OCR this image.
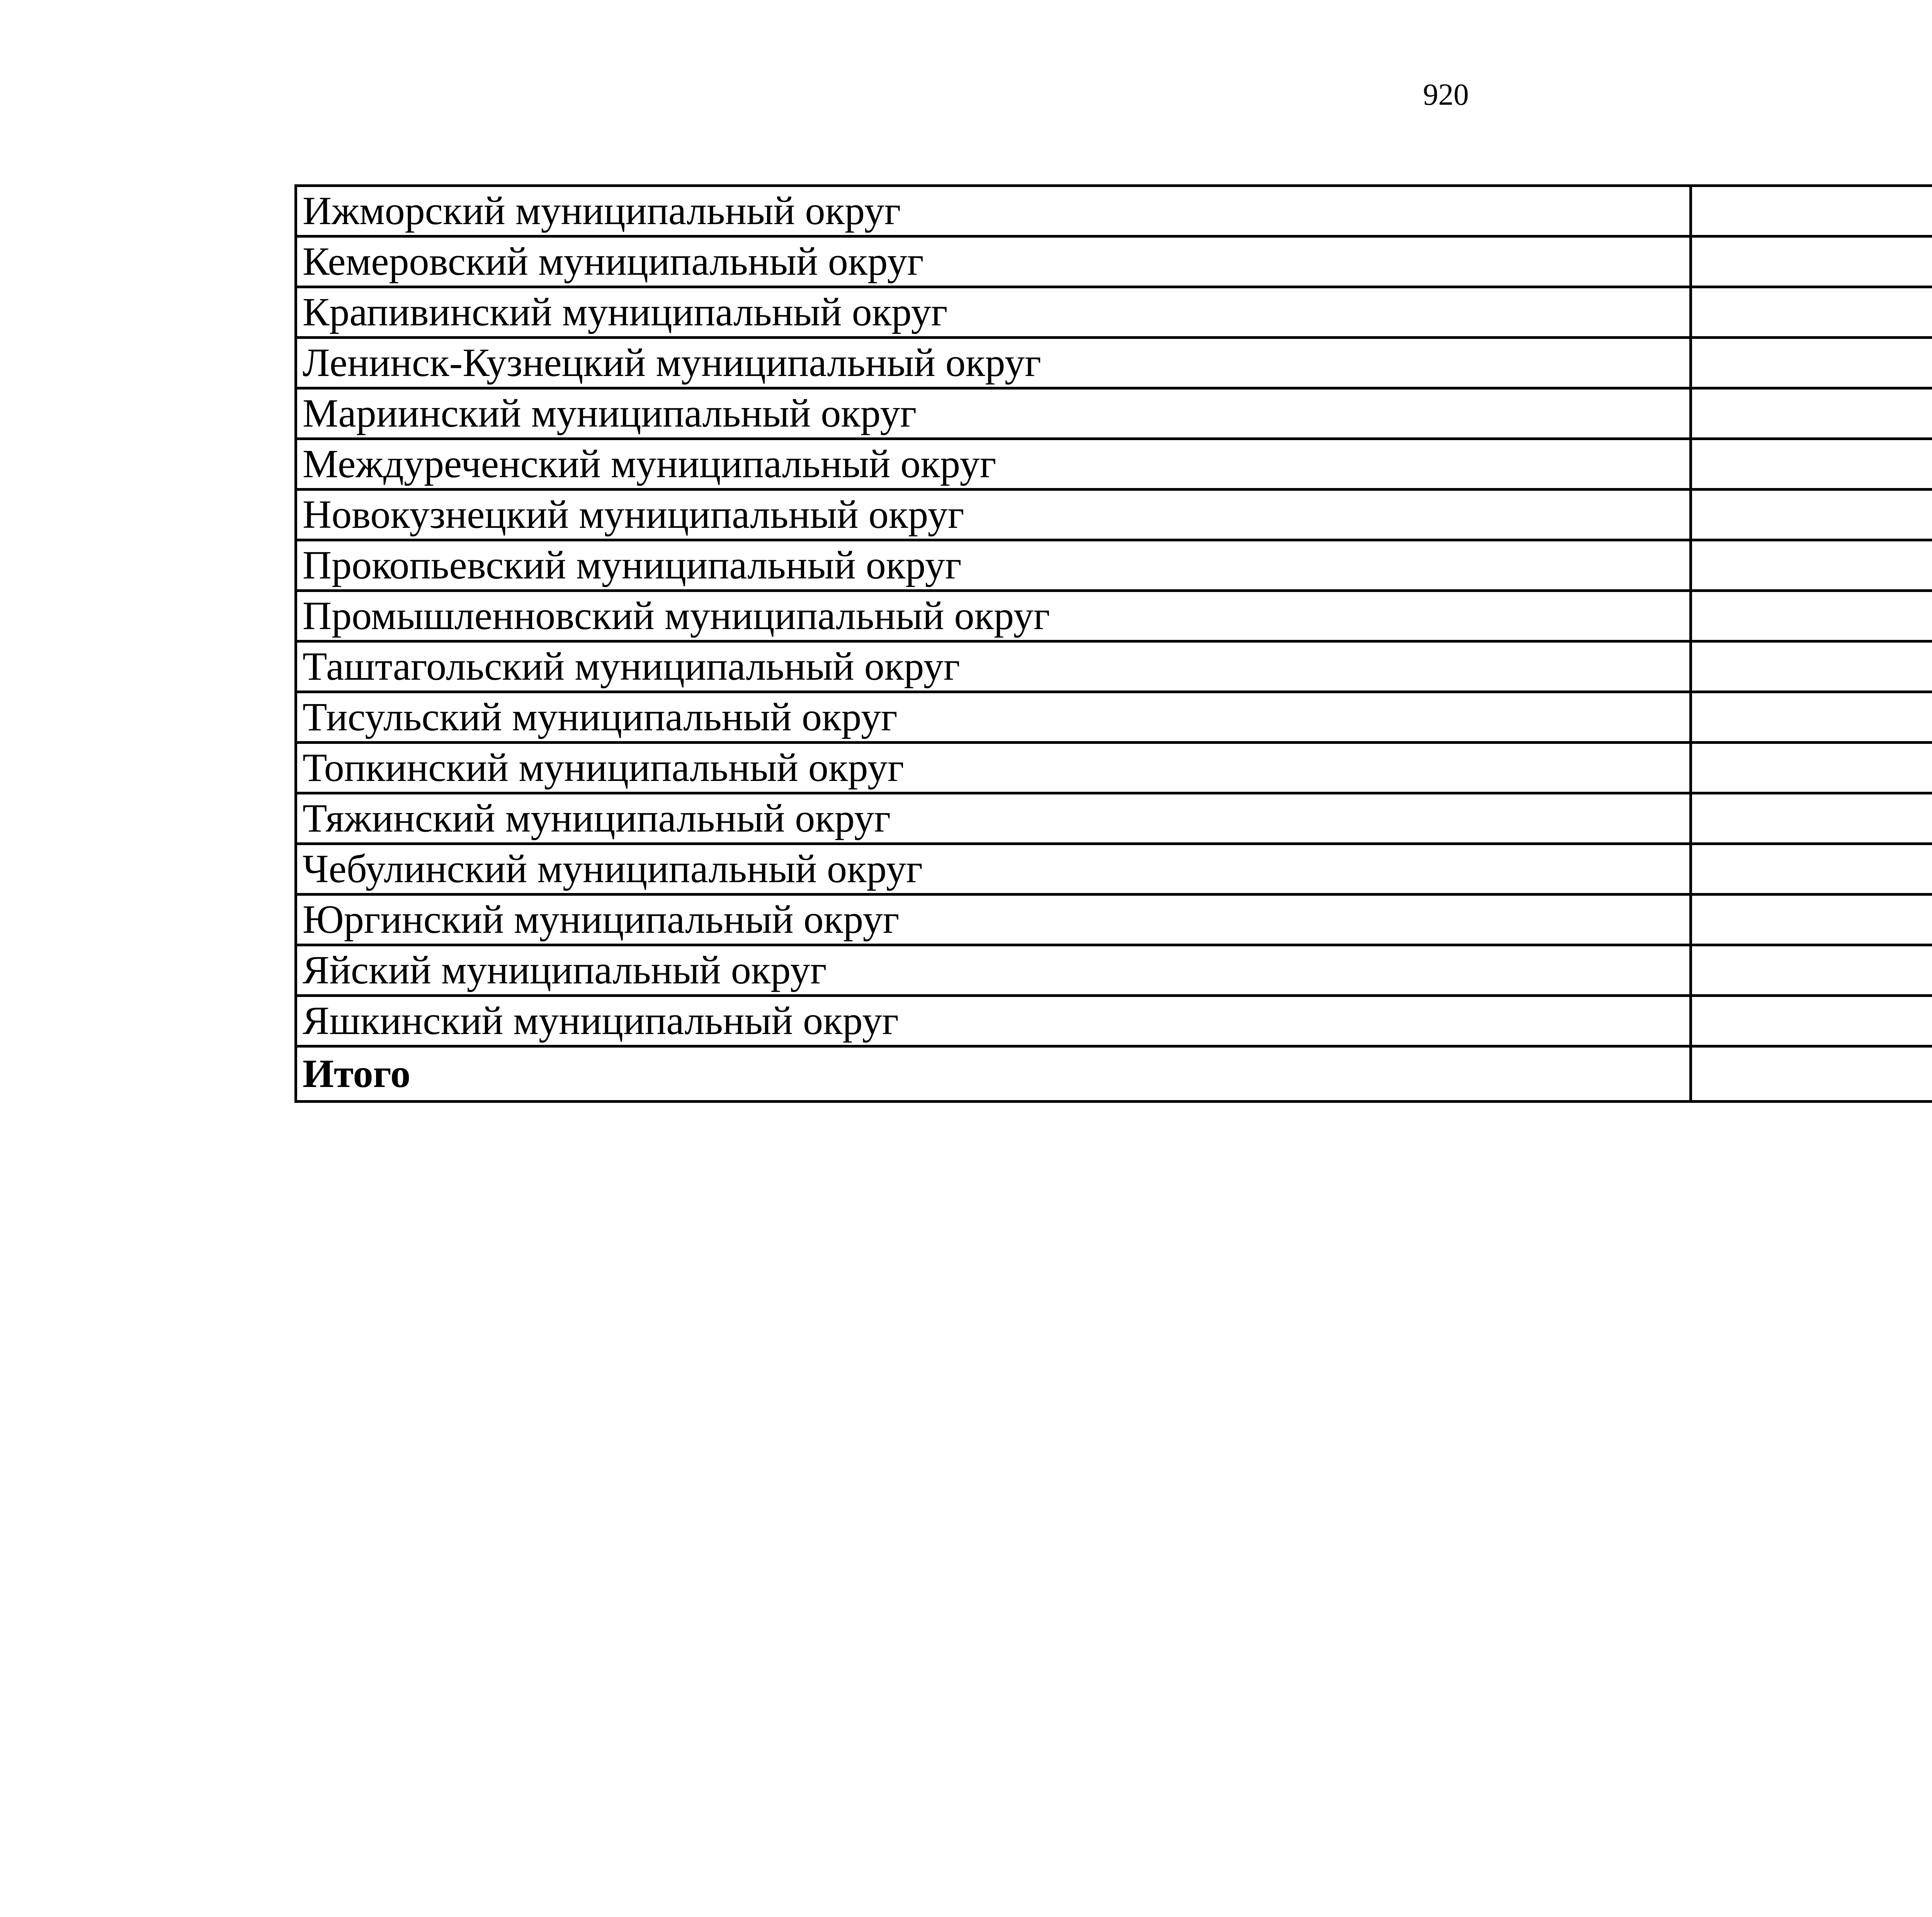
920
Ижморский муниципальный округ		
Кемеровский муниципальный округ		
Крапивинский муниципальный округ		
Ленинск-Кузнецкий муниципальный округ		
Мариинский муниципальный округ		
Междуреченский муниципальный округ		
Новокузнецкий муниципальный округ		
Прокопьевский муниципальный округ		
Промышленновский муниципальный округ		
Таштагольский муниципальный округ		
Тисульский муниципальный округ		
Топкинский муниципальный округ		
Тяжинский муниципальный округ		
Чебулинский муниципальный округ		
Юргинский муниципальный округ		
Яйский муниципальный округ		
Яшкинский муниципальный округ		
Итого		
